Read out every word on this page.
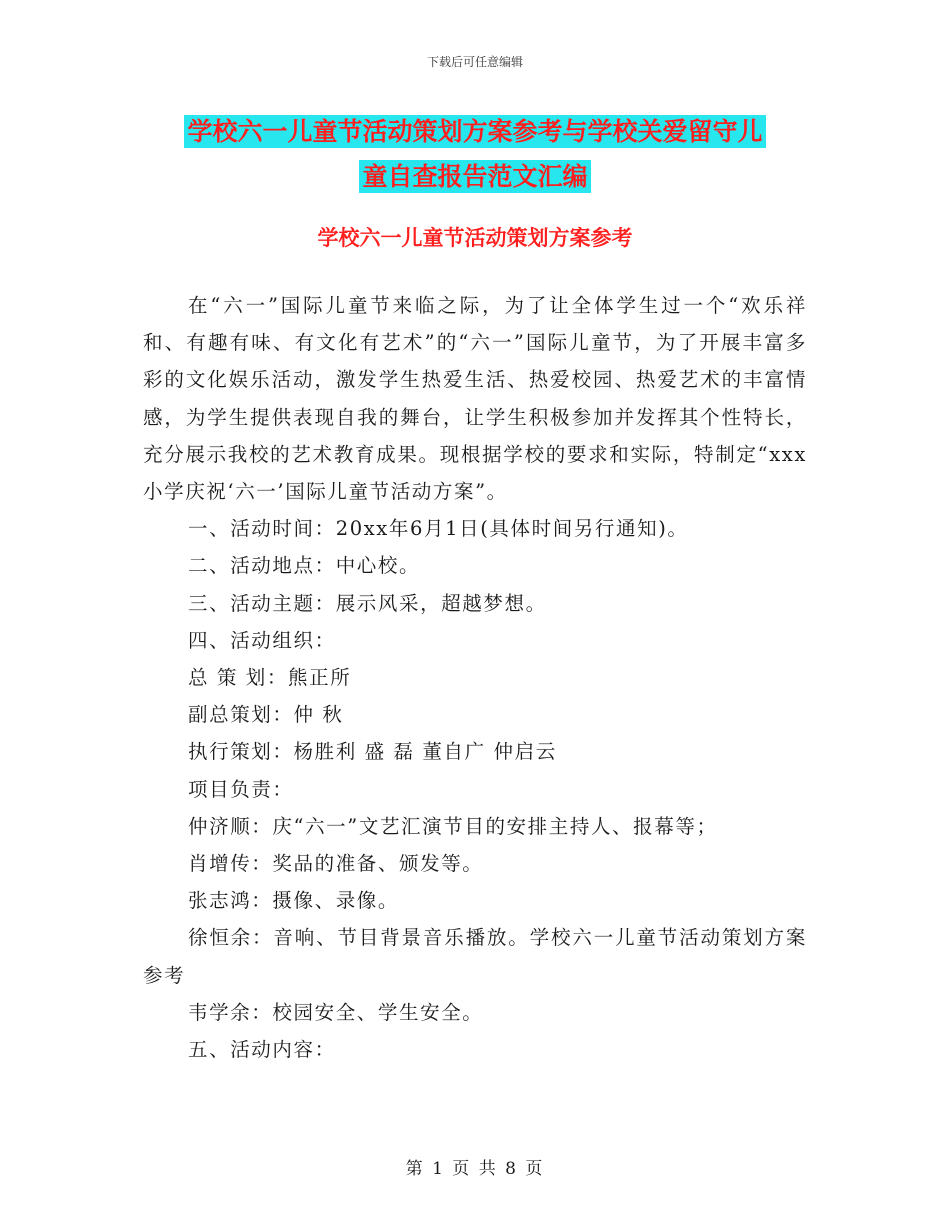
下载后可任意编辑
学校六一儿童节活动策划方案参考与学校关爱留守儿
童自查报告范文汇编
学校六一儿童节活动策划方案参考

在“六一”国际儿童节来临之际，为了让全体学生过一个“欢乐祥和、有趣有味、有文化有艺术”的“六一”国际儿童节，为了开展丰富多彩的文化娱乐活动，激发学生热爱生活、热爱校园、热爱艺术的丰富情感，为学生提供表现自我的舞台，让学生积极参加并发挥其个性特长，充分展示我校的艺术教育成果。现根据学校的要求和实际，特制定“xxx小学庆祝‘六一’国际儿童节活动方案”。

一、活动时间：20xx年6月1日(具体时间另行通知)。

二、活动地点：中心校。

三、活动主题：展示风采，超越梦想。

四、活动组织：

总 策 划：熊正所

副总策划：仲 秋

执行策划：杨胜利 盛 磊 董自广 仲启云

项目负责：

仲济顺：庆“六一”文艺汇演节目的安排主持人、报幕等；

肖增传：奖品的准备、颁发等。

张志鸿：摄像、录像。

徐恒余：音响、节目背景音乐播放。学校六一儿童节活动策划方案参考

韦学余：校园安全、学生安全。

五、活动内容：

第 1 页 共 8 页
